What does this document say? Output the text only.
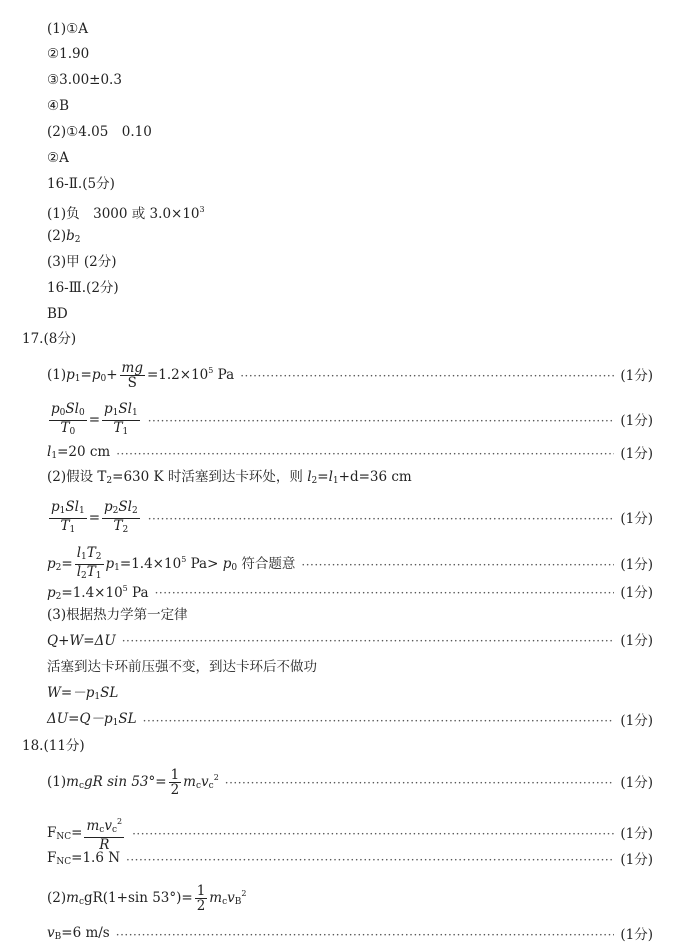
(1)①A
②1.90
③3.00±0.3
④B
(2)①4.05　0.10
②A
16-Ⅱ.(5分)
(1)负　3000 或 $3.0\times 10^3$
$(2)b_2$
(3)甲 (2分)
16-Ⅲ.(2分)
BD
17.(8分)
$(1)p_1=p_0+ \frac{mg}{S} =1.2\times 10^5$ Pa ·····	(1分)
$\frac{p_0Sl_0}{T_0} = \frac{p_1Sl_1}{T_1}$ ·····	(1分)
$l_1=20$ cm ·····	(1分)
(2)假设 $T_2=630$ K 时活塞到达卡环处，则 $l_2=l_1+d=36$ cm
$\frac{p_1Sl_1}{T_1} = \frac{p_2Sl_2}{T_2}$ ·····	(1分)
$p_2= \frac{l_1T_2}{l_2T_1} p_1=1.4\times 10^5$ $Pa> p_0$ 符合题意 ·····	(1分)
$p_2=1.4\times 10^5$ Pa ·····	(1分)
(3)根据热力学第一定律
Q+W=ΔU ·····	(1分)
活塞到达卡环前压强不变，到达卡环后不做功
$W=-p_1SL$
$\Delta U=Q-p_1SL$ ·····	(1分)
18.(11分)
$(1)m_cgR$ $\sin 53^\circ= \frac{1}{2} m_cv_c^2$ ·····	(1分)
$F_{NC}= \frac{m_cv_c^2}{R}$ ·····	(1分)
$F_{NC}=1.6$ N ·····	(1分)
$(2)m_cgR(1+\sin$ $53^\circ)= \frac{1}{2} m_cv_B^2$
$v_B=6$ m/s ·····	(1分)
